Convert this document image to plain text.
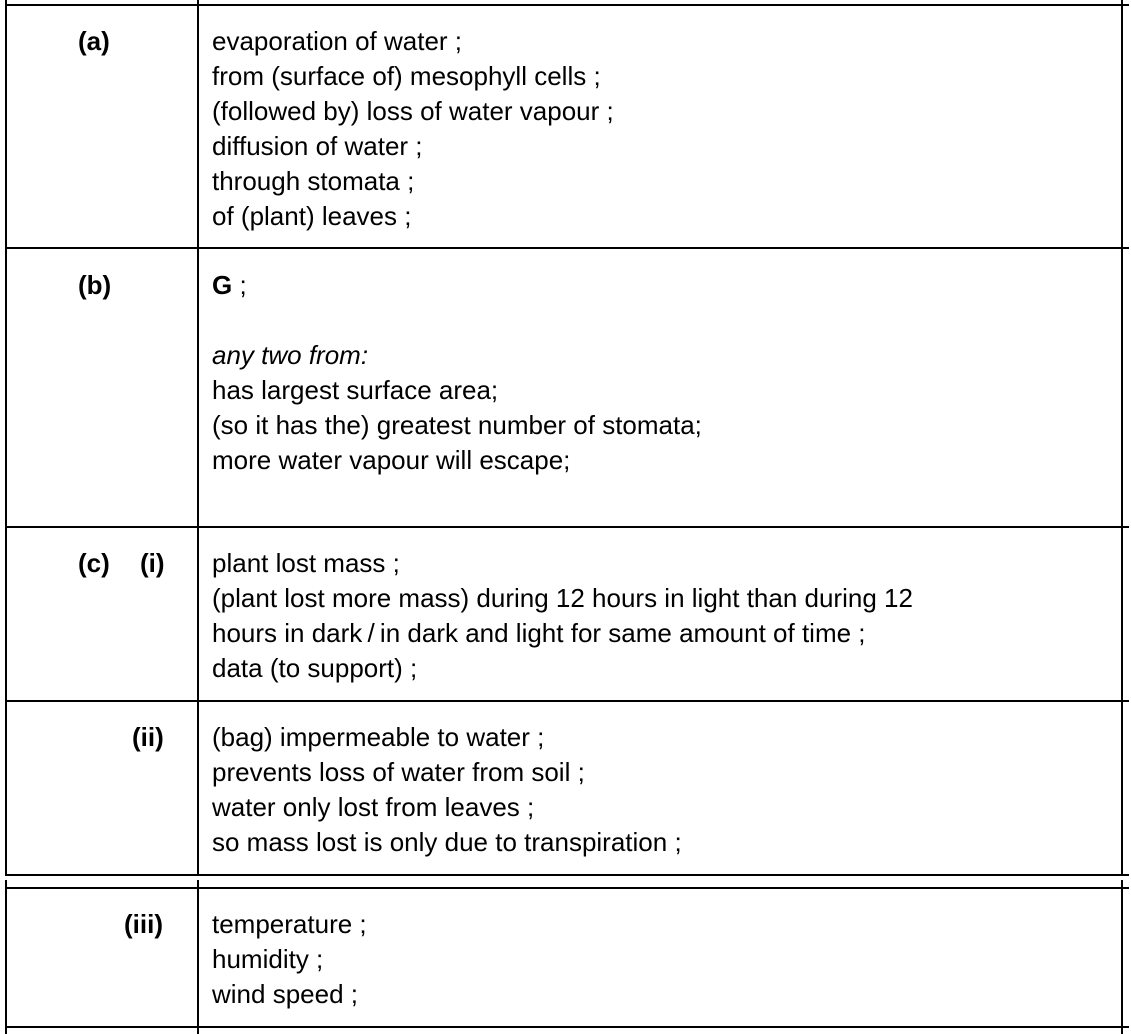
(a)	evaporation of water ;
from (surface of) mesophyll cells ;
(followed by) loss of water vapour ;
diffusion of water ;
through stomata ;
of (plant) leaves ;
(b)	G ;
any two from:
has largest surface area;
(so it has the) greatest number of stomata;
more water vapour will escape;
(c) (i) plant lost mass ;
(plant lost more mass) during 12 hours in light than during 12
hours in dark / in dark and light for same amount of time ;
data (to support) ;
(ii) (bag) impermeable to water ;
prevents loss of water from soil ;
water only lost from leaves ;
so mass lost is only due to transpiration ;
(iii) temperature ;
humidity ;
wind speed ;
